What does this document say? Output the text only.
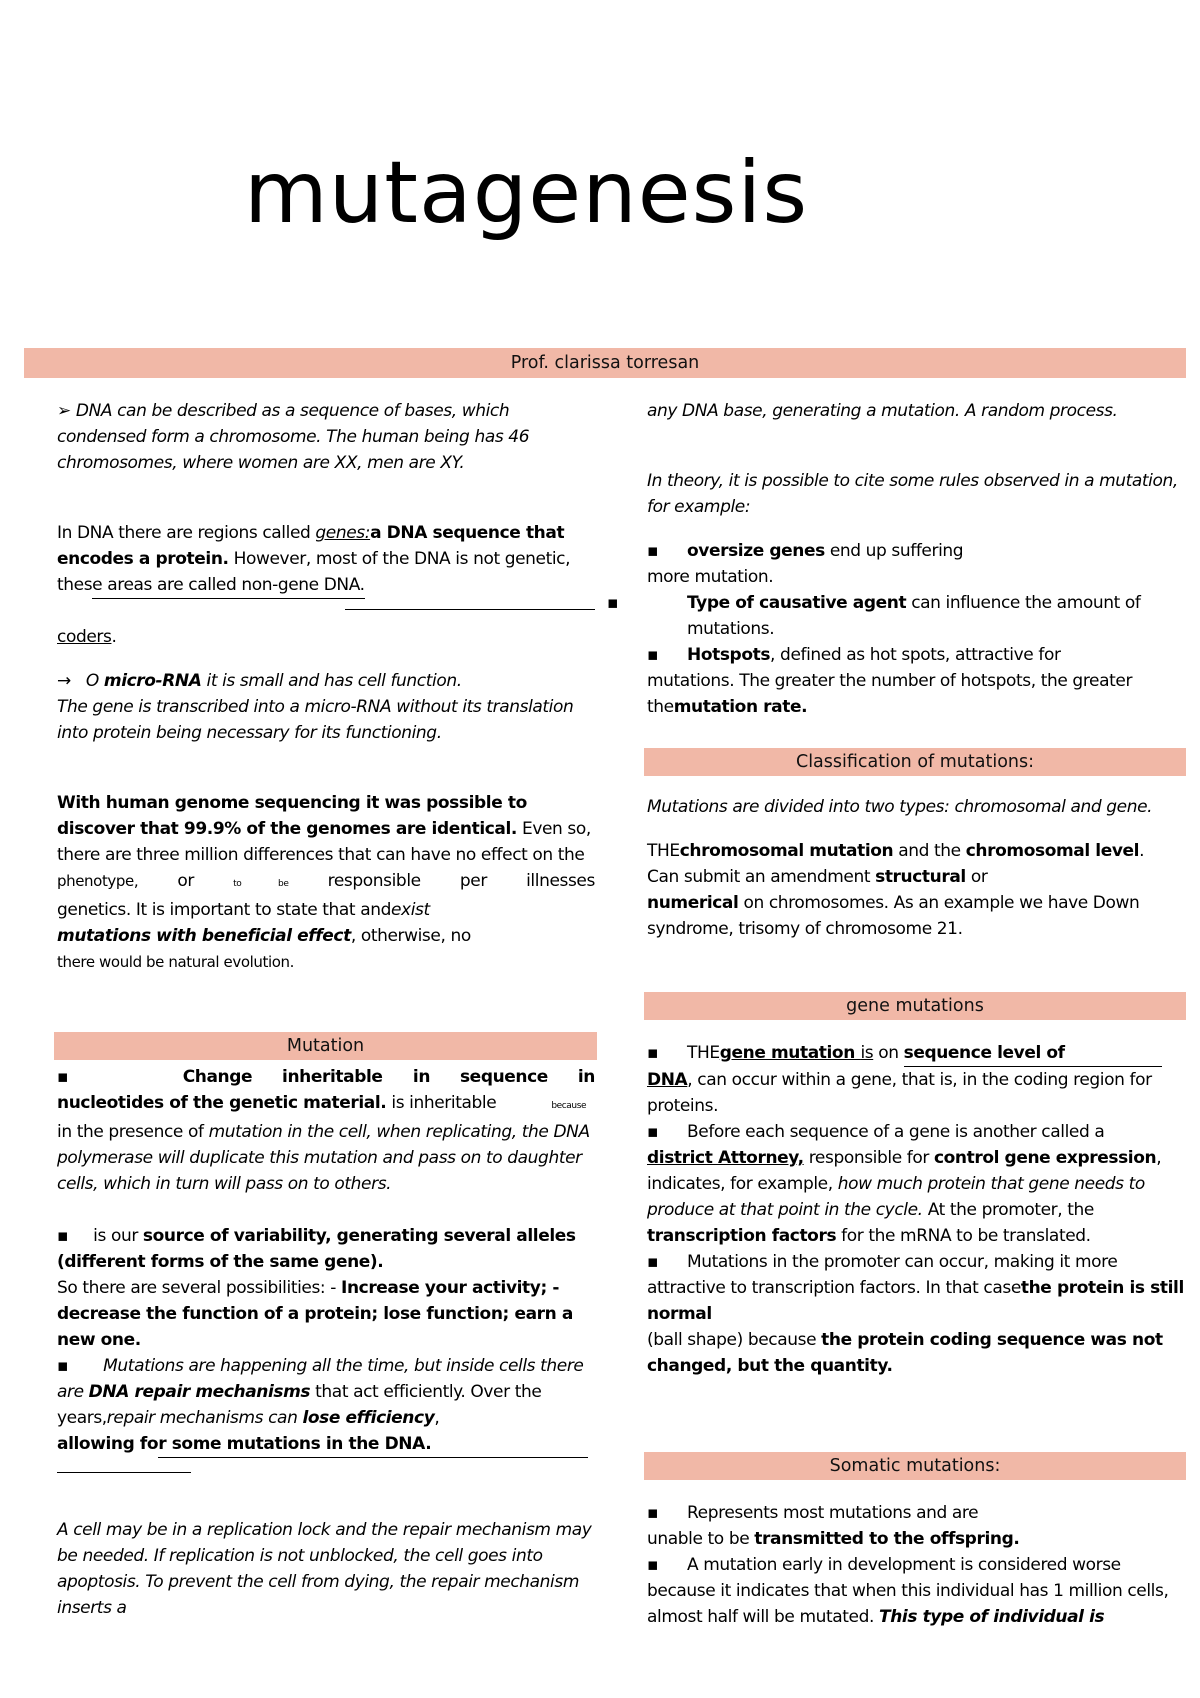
mutagenesis
Prof. clarissa torresan

➢ DNA can be described as a sequence of bases, which condensed form a chromosome. The human being has 46 chromosomes, where women are XX, men are XY.

In DNA there are regions called genes:a DNA sequence that encodes a protein. However, most of the DNA is not genetic, these areas are called non-gene DNA.

coders.

→ O micro-RNA it is small and has cell function.
The gene is transcribed into a micro-RNA without its translation into protein being necessary for its functioning.

With human genome sequencing it was possible to discover that 99.9% of the genomes are identical. Even so, there are three million differences that can have no effect on the

phenotype, or	to be responsible per illnesses

genetics. It is important to state that andexist
mutations with beneficial effect, otherwise, no
there would be natural evolution.

Mutation

▪	Change inheritable in sequence in

nucleotides of the genetic material. is inheritable	because
in the presence of mutation in the cell, when replicating, the DNA polymerase will duplicate this mutation and pass on to daughter cells, which in turn will pass on to others.

▪ is our source of variability, generating several alleles (different forms of the same gene).
So there are several possibilities: - Increase your activity; - decrease the function of a protein; lose function; earn a new one.

▪ Mutations are happening all the time, but inside cells there are DNA repair mechanisms that act efficiently. Over the years,repair mechanisms can lose efficiency,
allowing for some mutations in the DNA.

A cell may be in a replication lock and the repair mechanism may be needed. If replication is not unblocked, the cell goes into apoptosis. To prevent the cell from dying, the repair mechanism inserts a

any DNA base, generating a mutation. A random process.

In theory, it is possible to cite some rules observed in a mutation, for example:

▪ oversize genes end up suffering
more mutation.

▪	Type of causative agent can influence the amount of mutations.

▪ Hotspots, defined as hot spots, attractive for
mutations. The greater the number of hotspots, the greater themutation rate.

Classification of mutations:

Mutations are divided into two types: chromosomal and gene.

THEchromosomal mutation and the chromosomal level.
Can submit an amendment structural or
numerical on chromosomes. As an example we have Down syndrome, trisomy of chromosome 21.

gene mutations

▪ THEgene mutation is on sequence level of
DNA, can occur within a gene, that is, in the coding region for proteins.

▪ Before each sequence of a gene is another called a
district Attorney, responsible for control gene expression, indicates, for example, how much protein that gene needs to produce at that point in the cycle. At the promoter, the
transcription factors for the mRNA to be translated.

▪ Mutations in the promoter can occur, making it more attractive to transcription factors. In that casethe protein is still normal
(ball shape) because the protein coding sequence was not changed, but the quantity.

Somatic mutations:

▪ Represents most mutations and are
unable to be transmitted to the offspring.

▪ A mutation early in development is considered worse because it indicates that when this individual has 1 million cells, almost half will be mutated. This type of individual is
